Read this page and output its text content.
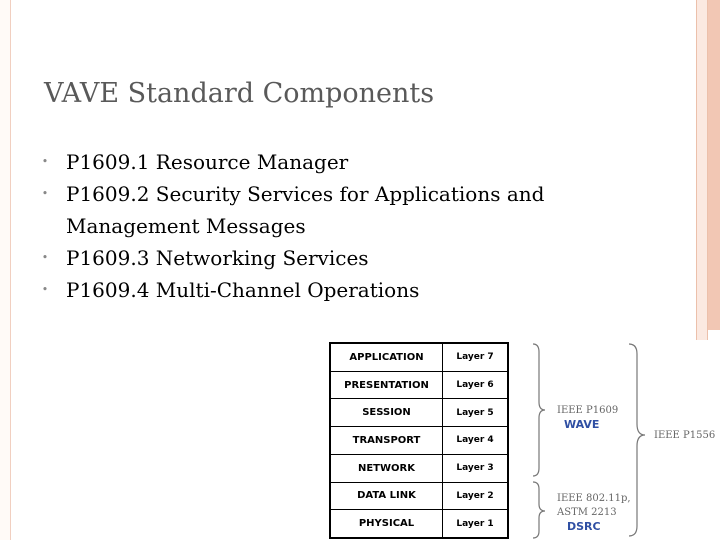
VAVE Standard Components
• P1609.1 Resource Manager
• P1609.2 Security Services for Applications and
Management Messages
• P1609.3 Networking Services
• P1609.4 Multi-Channel Operations
APPLICATION	Layer 7
PRESENTATION	Layer 6
SESSION	Layer 5
TRANSPORT	Layer 4
NETWORK	Layer 3
DATA LINK	Layer 2
PHYSICAL	Layer 1
IEEE P1609
WAVE
IEEE P1556
IEEE 802.11p,
ASTM 2213
DSRC
